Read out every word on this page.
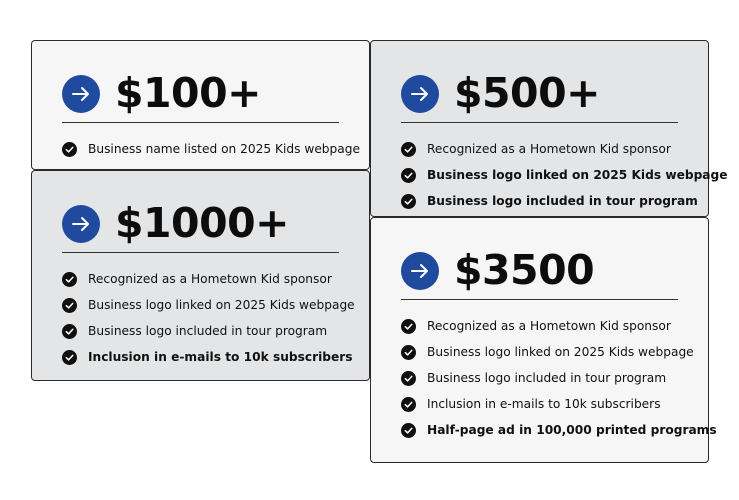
$100+
Business name listed on 2025 Kids webpage
$500+
Recognized as a Hometown Kid sponsor
Business logo linked on 2025 Kids webpage
Business logo included in tour program
$1000+
Recognized as a Hometown Kid sponsor
Business logo linked on 2025 Kids webpage
Business logo included in tour program
Inclusion in e-mails to 10k subscribers
$3500
Recognized as a Hometown Kid sponsor
Business logo linked on 2025 Kids webpage
Business logo included in tour program
Inclusion in e-mails to 10k subscribers
Half-page ad in 100,000 printed programs
